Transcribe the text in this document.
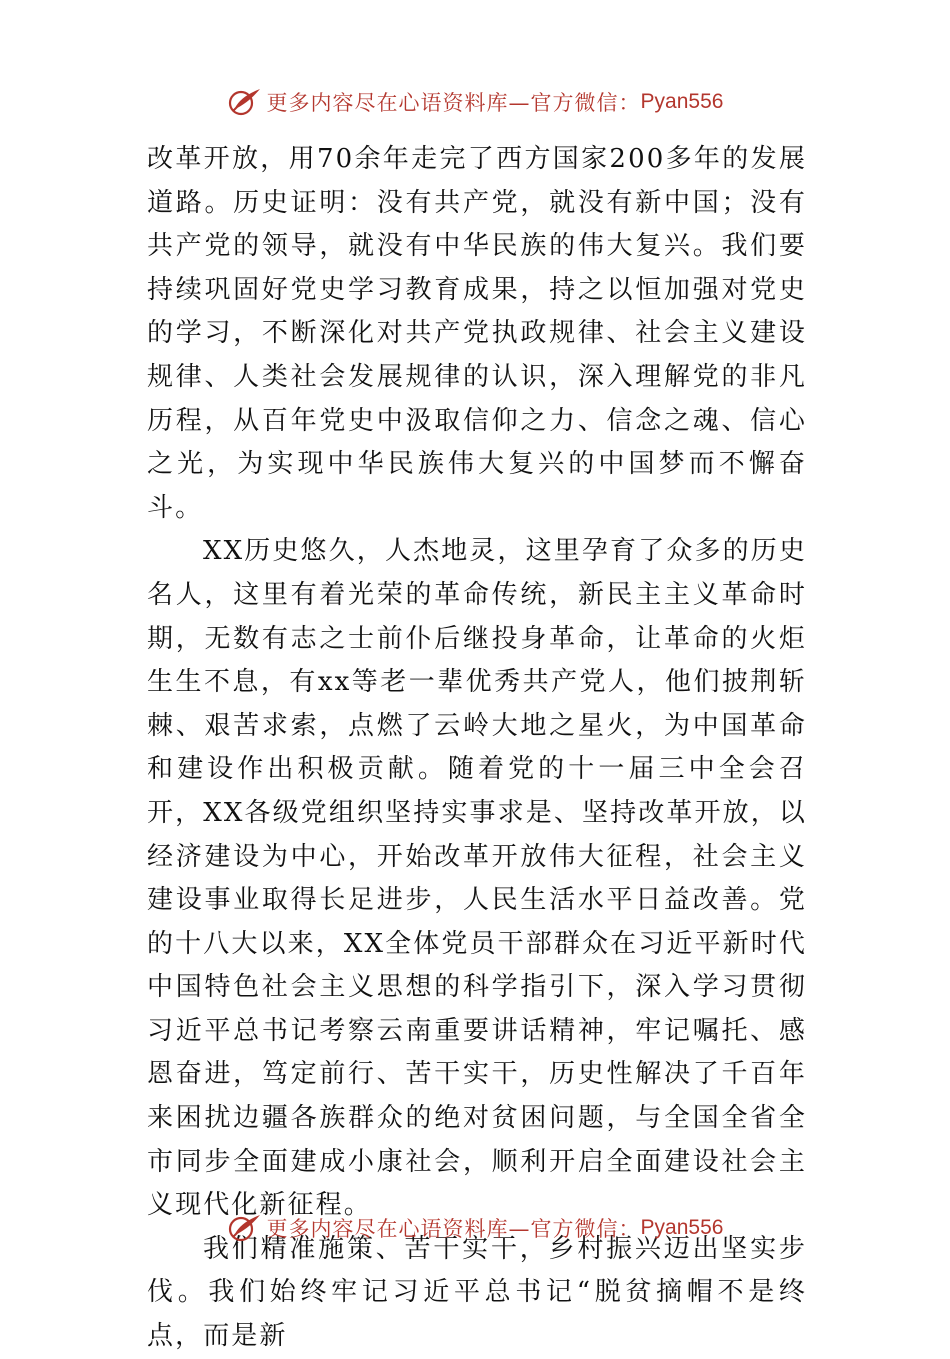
更多内容尽在心语资料库—官方微信： Pyan556

改革开放，用70余年走完了西方国家200多年的发展道路。历史证明：没有共产党，就没有新中国；没有共产党的领导，就没有中华民族的伟大复兴。我们要持续巩固好党史学习教育成果，持之以恒加强对党史的学习，不断深化对共产党执政规律、社会主义建设规律、人类社会发展规律的认识，深入理解党的非凡历程，从百年党史中汲取信仰之力、信念之魂、信心之光，为实现中华民族伟大复兴的中国梦而不懈奋斗。

XX历史悠久，人杰地灵，这里孕育了众多的历史名人，这里有着光荣的革命传统，新民主主义革命时期，无数有志之士前仆后继投身革命，让革命的火炬生生不息，有xx等老一辈优秀共产党人，他们披荆斩棘、艰苦求索，点燃了云岭大地之星火，为中国革命和建设作出积极贡献。随着党的十一届三中全会召开，XX各级党组织坚持实事求是、坚持改革开放，以经济建设为中心，开始改革开放伟大征程，社会主义建设事业取得长足进步，人民生活水平日益改善。党的十八大以来，XX全体党员干部群众在习近平新时代中国特色社会主义思想的科学指引下，深入学习贯彻习近平总书记考察云南重要讲话精神，牢记嘱托、感恩奋进，笃定前行、苦干实干，历史性解决了千百年来困扰边疆各族群众的绝对贫困问题，与全国全省全市同步全面建成小康社会，顺利开启全面建设社会主义现代化新征程。

我们精准施策、苦干实干，乡村振兴迈出坚实步伐。我们始终牢记习近平总书记“脱贫摘帽不是终点，而是新

更多内容尽在心语资料库—官方微信： Pyan556
